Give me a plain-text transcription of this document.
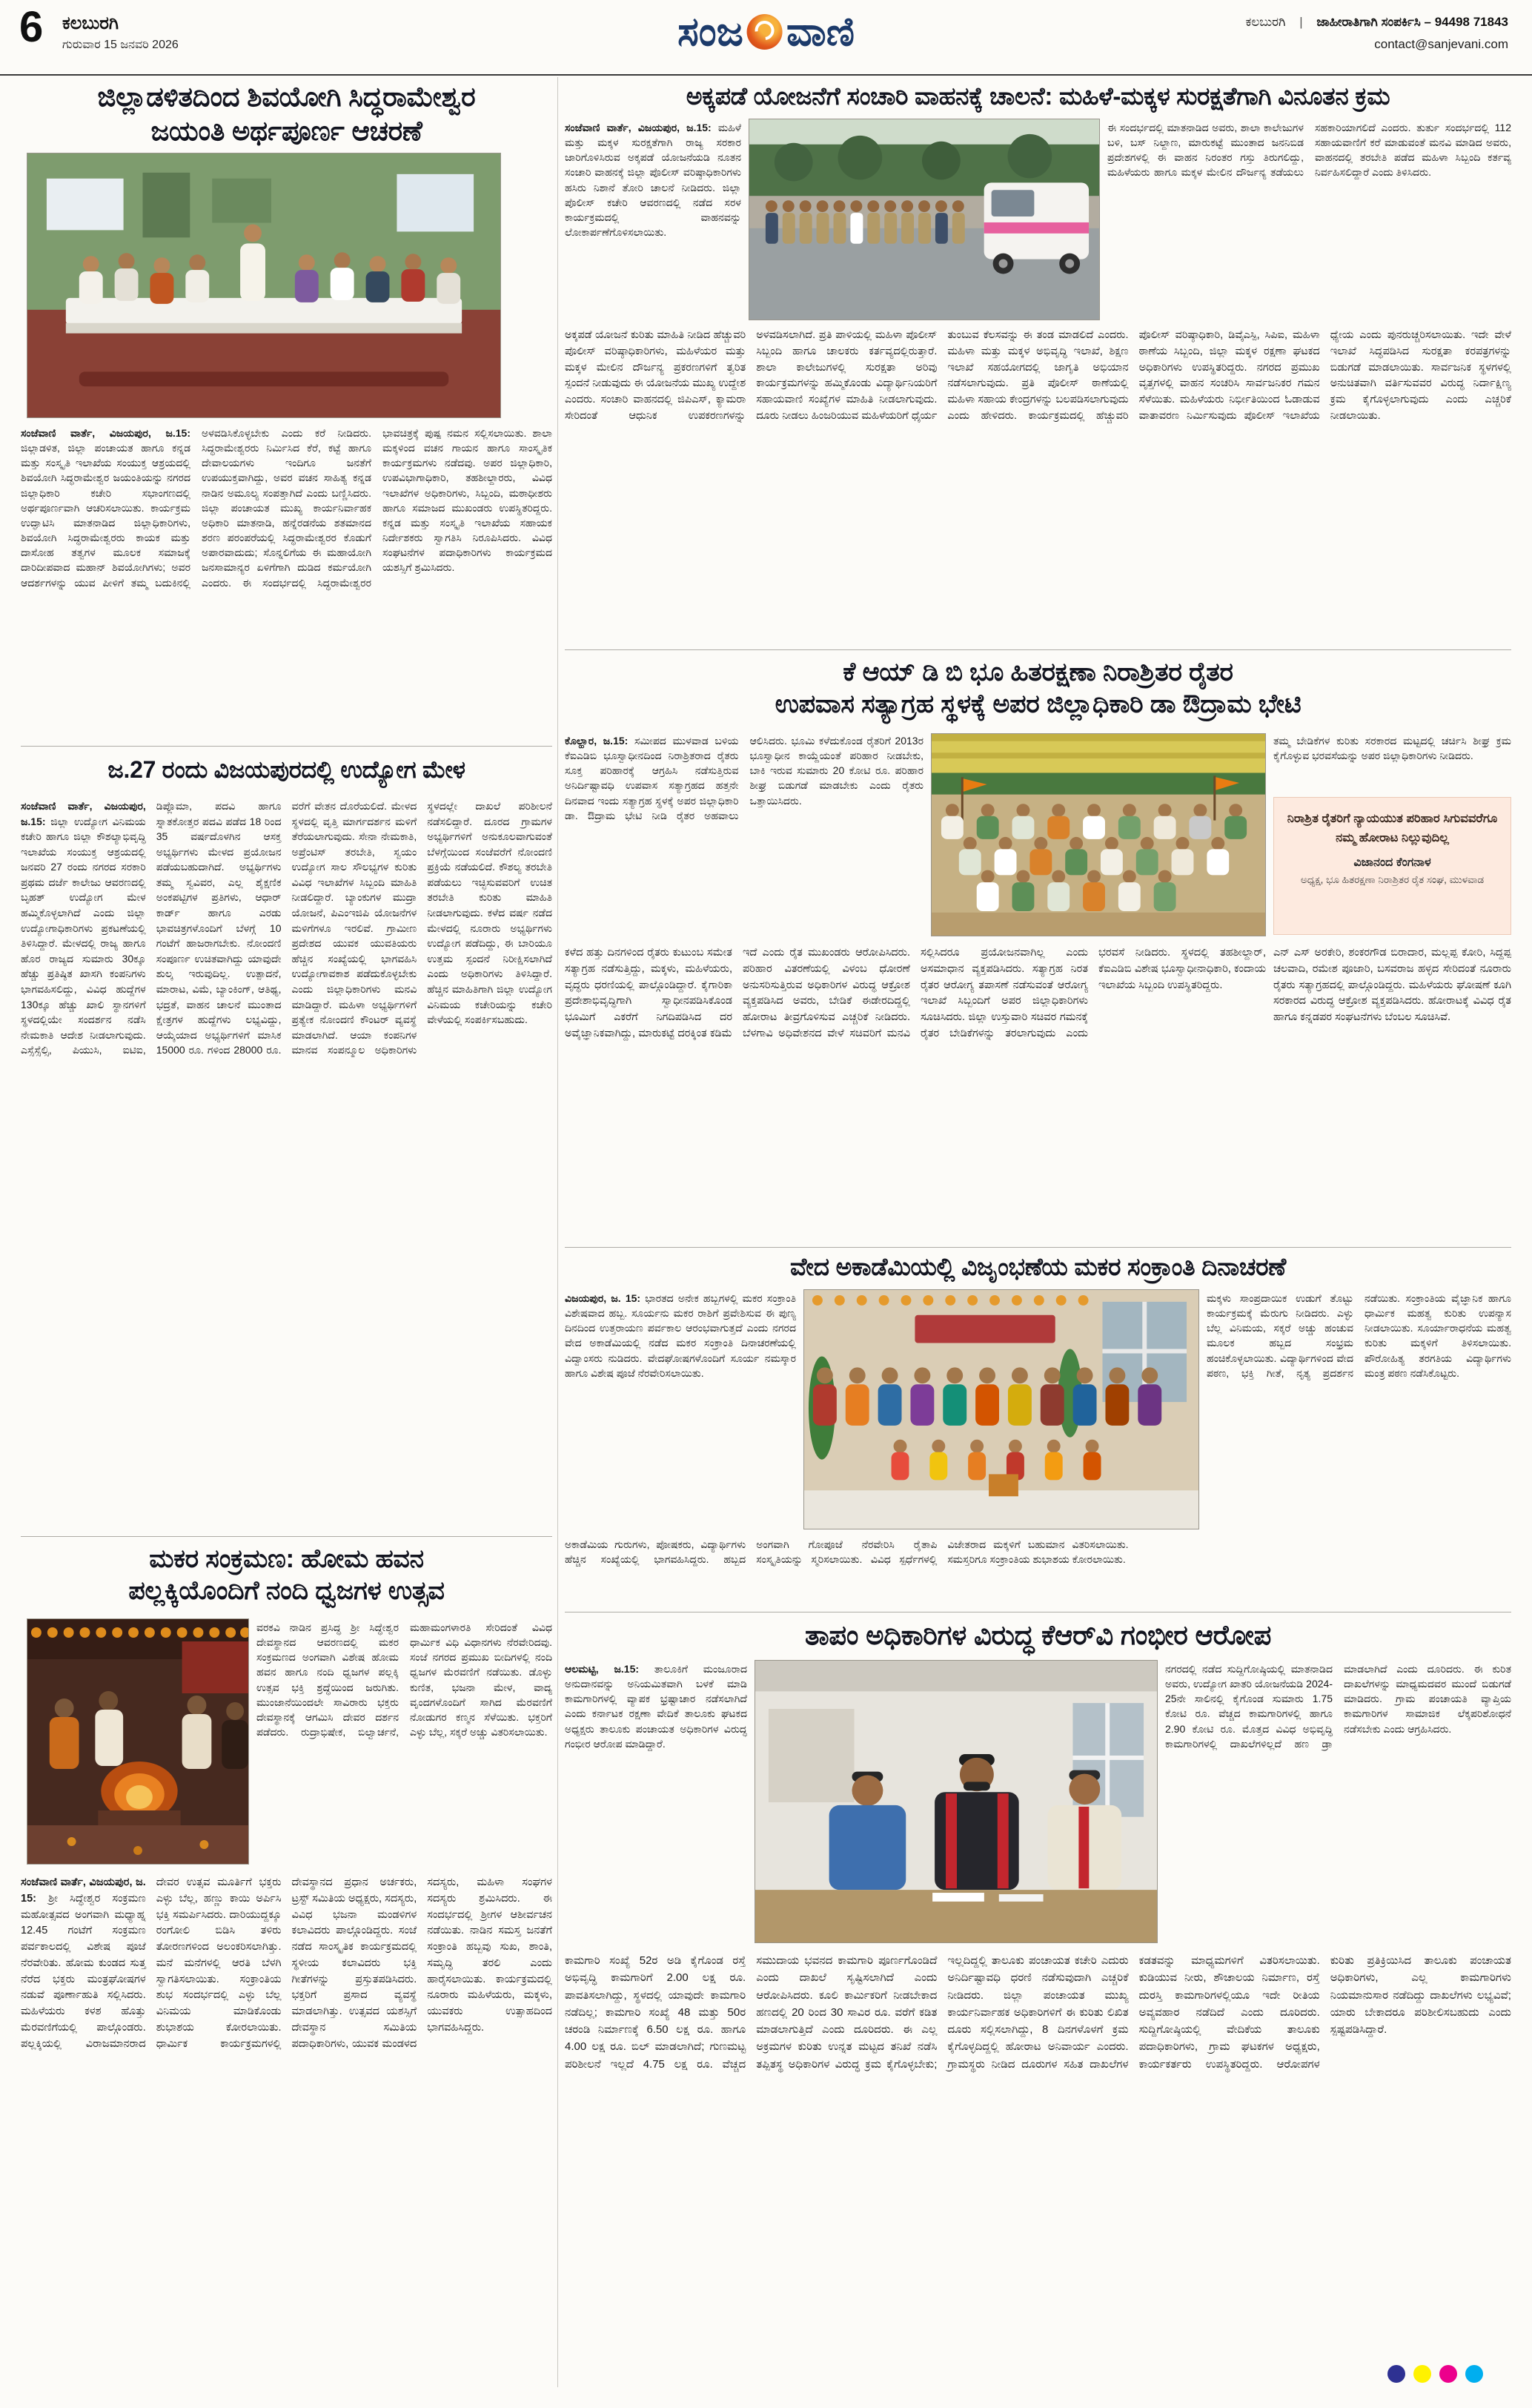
6 ಕಲಬುರಗಿ
ಗುರುವಾರ 15 ಜನವರಿ 2026	ಸಂಜ ವಾಣಿ	ಕಲಬುರಗಿ | ಜಾಹೀರಾತಿಗಾಗಿ ಸಂಪರ್ಕಿಸಿ – 94498 71843
contact@sanjevani.com
ಜಿಲ್ಲಾಡಳಿತದಿಂದ ಶಿವಯೋಗಿ ಸಿದ್ಧರಾಮೇಶ್ವರ
ಜಯಂತಿ ಅರ್ಥಪೂರ್ಣ ಆಚರಣೆ
ಸಂಜೆವಾಣಿ ವಾರ್ತೆ, ವಿಜಯಪುರ, ಜ.15: ಜಿಲ್ಲಾಡಳಿತ, ಜಿಲ್ಲಾ ಪಂಚಾಯತ ಹಾಗೂ ಕನ್ನಡ ಮತ್ತು ಸಂಸ್ಕೃತಿ ಇಲಾಖೆಯ ಸಂಯುಕ್ತ ಆಶ್ರಯದಲ್ಲಿ ಶಿವಯೋಗಿ ಸಿದ್ಧರಾಮೇಶ್ವರ ಜಯಂತಿಯನ್ನು ನಗರದ ಜಿಲ್ಲಾಧಿಕಾರಿ ಕಚೇರಿ ಸಭಾಂಗಣದಲ್ಲಿ ಅರ್ಥಪೂರ್ಣವಾಗಿ ಆಚರಿಸಲಾಯಿತು. ಕಾರ್ಯಕ್ರಮ ಉದ್ಘಾಟಿಸಿ ಮಾತನಾಡಿದ ಜಿಲ್ಲಾಧಿಕಾರಿಗಳು, ಶಿವಯೋಗಿ ಸಿದ್ಧರಾಮೇಶ್ವರರು ಕಾಯಕ ಮತ್ತು ದಾಸೋಹ ತತ್ವಗಳ ಮೂಲಕ ಸಮಾಜಕ್ಕೆ ದಾರಿದೀಪವಾದ ಮಹಾನ್ ಶಿವಯೋಗಿಗಳು; ಅವರ ಆದರ್ಶಗಳನ್ನು ಯುವ ಪೀಳಿಗೆ ತಮ್ಮ ಬದುಕಿನಲ್ಲಿ ಅಳವಡಿಸಿಕೊಳ್ಳಬೇಕು ಎಂದು ಕರೆ ನೀಡಿದರು. ಸಿದ್ಧರಾಮೇಶ್ವರರು ನಿರ್ಮಿಸಿದ ಕೆರೆ, ಕಟ್ಟೆ ಹಾಗೂ ದೇವಾಲಯಗಳು ಇಂದಿಗೂ ಜನತೆಗೆ ಉಪಯುಕ್ತವಾಗಿದ್ದು, ಅವರ ವಚನ ಸಾಹಿತ್ಯ ಕನ್ನಡ ನಾಡಿನ ಅಮೂಲ್ಯ ಸಂಪತ್ತಾಗಿದೆ ಎಂದು ಬಣ್ಣಿಸಿದರು. ಜಿಲ್ಲಾ ಪಂಚಾಯತ ಮುಖ್ಯ ಕಾರ್ಯನಿರ್ವಾಹಕ ಅಧಿಕಾರಿ ಮಾತನಾಡಿ, ಹನ್ನೆರಡನೆಯ ಶತಮಾನದ ಶರಣ ಪರಂಪರೆಯಲ್ಲಿ ಸಿದ್ಧರಾಮೇಶ್ವರರ ಕೊಡುಗೆ ಅಪಾರವಾದುದು; ಸೊನ್ನಲಿಗೆಯ ಈ ಮಹಾಯೋಗಿ ಜನಸಾಮಾನ್ಯರ ಏಳಿಗೆಗಾಗಿ ದುಡಿದ ಕರ್ಮಯೋಗಿ ಎಂದರು. ಈ ಸಂದರ್ಭದಲ್ಲಿ ಸಿದ್ಧರಾಮೇಶ್ವರರ ಭಾವಚಿತ್ರಕ್ಕೆ ಪುಷ್ಪ ನಮನ ಸಲ್ಲಿಸಲಾಯಿತು. ಶಾಲಾ ಮಕ್ಕಳಿಂದ ವಚನ ಗಾಯನ ಹಾಗೂ ಸಾಂಸ್ಕೃತಿಕ ಕಾರ್ಯಕ್ರಮಗಳು ನಡೆದವು. ಅಪರ ಜಿಲ್ಲಾಧಿಕಾರಿ, ಉಪವಿಭಾಗಾಧಿಕಾರಿ, ತಹಶೀಲ್ದಾರರು, ವಿವಿಧ ಇಲಾಖೆಗಳ ಅಧಿಕಾರಿಗಳು, ಸಿಬ್ಬಂದಿ, ಮಠಾಧೀಶರು ಹಾಗೂ ಸಮಾಜದ ಮುಖಂಡರು ಉಪಸ್ಥಿತರಿದ್ದರು. ಕನ್ನಡ ಮತ್ತು ಸಂಸ್ಕೃತಿ ಇಲಾಖೆಯ ಸಹಾಯಕ ನಿರ್ದೇಶಕರು ಸ್ವಾಗತಿಸಿ ನಿರೂಪಿಸಿದರು. ವಿವಿಧ ಸಂಘಟನೆಗಳ ಪದಾಧಿಕಾರಿಗಳು ಕಾರ್ಯಕ್ರಮದ ಯಶಸ್ಸಿಗೆ ಶ್ರಮಿಸಿದರು.
ಜ.27 ರಂದು ವಿಜಯಪುರದಲ್ಲಿ ಉದ್ಯೋಗ ಮೇಳ
ಸಂಜೆವಾಣಿ ವಾರ್ತೆ, ವಿಜಯಪುರ, ಜ.15: ಜಿಲ್ಲಾ ಉದ್ಯೋಗ ವಿನಿಮಯ ಕಚೇರಿ ಹಾಗೂ ಜಿಲ್ಲಾ ಕೌಶಲ್ಯಾಭಿವೃದ್ಧಿ ಇಲಾಖೆಯ ಸಂಯುಕ್ತ ಆಶ್ರಯದಲ್ಲಿ ಜನವರಿ 27 ರಂದು ನಗರದ ಸರಕಾರಿ ಪ್ರಥಮ ದರ್ಜೆ ಕಾಲೇಜು ಆವರಣದಲ್ಲಿ ಬೃಹತ್ ಉದ್ಯೋಗ ಮೇಳ ಹಮ್ಮಿಕೊಳ್ಳಲಾಗಿದೆ ಎಂದು ಜಿಲ್ಲಾ ಉದ್ಯೋಗಾಧಿಕಾರಿಗಳು ಪ್ರಕಟಣೆಯಲ್ಲಿ ತಿಳಿಸಿದ್ದಾರೆ. ಮೇಳದಲ್ಲಿ ರಾಜ್ಯ ಹಾಗೂ ಹೊರ ರಾಜ್ಯದ ಸುಮಾರು 30ಕ್ಕೂ ಹೆಚ್ಚು ಪ್ರತಿಷ್ಠಿತ ಖಾಸಗಿ ಕಂಪನಿಗಳು ಭಾಗವಹಿಸಲಿದ್ದು, ವಿವಿಧ ಹುದ್ದೆಗಳ 130ಕ್ಕೂ ಹೆಚ್ಚು ಖಾಲಿ ಸ್ಥಾನಗಳಿಗೆ ಸ್ಥಳದಲ್ಲಿಯೇ ಸಂದರ್ಶನ ನಡೆಸಿ ನೇಮಕಾತಿ ಆದೇಶ ನೀಡಲಾಗುವುದು. ಎಸ್ಸೆಸ್ಸೆಲ್ಸಿ, ಪಿಯುಸಿ, ಐಟಿಐ, ಡಿಪ್ಲೊಮಾ, ಪದವಿ ಹಾಗೂ ಸ್ನಾತಕೋತ್ತರ ಪದವಿ ಪಡೆದ 18 ರಿಂದ 35 ವರ್ಷದೊಳಗಿನ ಆಸಕ್ತ ಅಭ್ಯರ್ಥಿಗಳು ಮೇಳದ ಪ್ರಯೋಜನ ಪಡೆಯಬಹುದಾಗಿದೆ. ಅಭ್ಯರ್ಥಿಗಳು ತಮ್ಮ ಸ್ವವಿವರ, ಎಲ್ಲ ಶೈಕ್ಷಣಿಕ ಅಂಕಪಟ್ಟಿಗಳ ಪ್ರತಿಗಳು, ಆಧಾರ್ ಕಾರ್ಡ್ ಹಾಗೂ ಎರಡು ಭಾವಚಿತ್ರಗಳೊಂದಿಗೆ ಬೆಳಗ್ಗೆ 10 ಗಂಟೆಗೆ ಹಾಜರಾಗಬೇಕು. ನೋಂದಣಿ ಸಂಪೂರ್ಣ ಉಚಿತವಾಗಿದ್ದು ಯಾವುದೇ ಶುಲ್ಕ ಇರುವುದಿಲ್ಲ. ಉತ್ಪಾದನೆ, ಮಾರಾಟ, ವಿಮೆ, ಬ್ಯಾಂಕಿಂಗ್, ಆತಿಥ್ಯ, ಭದ್ರತೆ, ವಾಹನ ಚಾಲನೆ ಮುಂತಾದ ಕ್ಷೇತ್ರಗಳ ಹುದ್ದೆಗಳು ಲಭ್ಯವಿದ್ದು, ಆಯ್ಕೆಯಾದ ಅಭ್ಯರ್ಥಿಗಳಿಗೆ ಮಾಸಿಕ 15000 ರೂ. ಗಳಿಂದ 28000 ರೂ. ವರೆಗೆ ವೇತನ ದೊರೆಯಲಿದೆ. ಮೇಳದ ಸ್ಥಳದಲ್ಲಿ ವೃತ್ತಿ ಮಾರ್ಗದರ್ಶನ ಮಳಿಗೆ ತೆರೆಯಲಾಗುವುದು. ಸೇನಾ ನೇಮಕಾತಿ, ಅಪ್ರೆಂಟಿಸ್ ತರಬೇತಿ, ಸ್ವಯಂ ಉದ್ಯೋಗ ಸಾಲ ಸೌಲಭ್ಯಗಳ ಕುರಿತು ವಿವಿಧ ಇಲಾಖೆಗಳ ಸಿಬ್ಬಂದಿ ಮಾಹಿತಿ ನೀಡಲಿದ್ದಾರೆ. ಬ್ಯಾಂಕುಗಳ ಮುದ್ರಾ ಯೋಜನೆ, ಪಿಎಂಇಜಿಪಿ ಯೋಜನೆಗಳ ಮಳಿಗೆಗಳೂ ಇರಲಿವೆ. ಗ್ರಾಮೀಣ ಪ್ರದೇಶದ ಯುವಕ ಯುವತಿಯರು ಹೆಚ್ಚಿನ ಸಂಖ್ಯೆಯಲ್ಲಿ ಭಾಗವಹಿಸಿ ಉದ್ಯೋಗಾವಕಾಶ ಪಡೆದುಕೊಳ್ಳಬೇಕು ಎಂದು ಜಿಲ್ಲಾಧಿಕಾರಿಗಳು ಮನವಿ ಮಾಡಿದ್ದಾರೆ. ಮಹಿಳಾ ಅಭ್ಯರ್ಥಿಗಳಿಗೆ ಪ್ರತ್ಯೇಕ ನೋಂದಣಿ ಕೌಂಟರ್ ವ್ಯವಸ್ಥೆ ಮಾಡಲಾಗಿದೆ. ಆಯಾ ಕಂಪನಿಗಳ ಮಾನವ ಸಂಪನ್ಮೂಲ ಅಧಿಕಾರಿಗಳು ಸ್ಥಳದಲ್ಲೇ ದಾಖಲೆ ಪರಿಶೀಲನೆ ನಡೆಸಲಿದ್ದಾರೆ. ದೂರದ ಗ್ರಾಮಗಳ ಅಭ್ಯರ್ಥಿಗಳಿಗೆ ಅನುಕೂಲವಾಗುವಂತೆ ಬೆಳಗ್ಗೆಯಿಂದ ಸಂಜೆವರೆಗೆ ನೋಂದಣಿ ಪ್ರಕ್ರಿಯೆ ನಡೆಯಲಿದೆ. ಕೌಶಲ್ಯ ತರಬೇತಿ ಪಡೆಯಲು ಇಚ್ಛಿಸುವವರಿಗೆ ಉಚಿತ ತರಬೇತಿ ಕುರಿತು ಮಾಹಿತಿ ನೀಡಲಾಗುವುದು. ಕಳೆದ ವರ್ಷ ನಡೆದ ಮೇಳದಲ್ಲಿ ನೂರಾರು ಅಭ್ಯರ್ಥಿಗಳು ಉದ್ಯೋಗ ಪಡೆದಿದ್ದು, ಈ ಬಾರಿಯೂ ಉತ್ತಮ ಸ್ಪಂದನೆ ನಿರೀಕ್ಷಿಸಲಾಗಿದೆ ಎಂದು ಅಧಿಕಾರಿಗಳು ತಿಳಿಸಿದ್ದಾರೆ. ಹೆಚ್ಚಿನ ಮಾಹಿತಿಗಾಗಿ ಜಿಲ್ಲಾ ಉದ್ಯೋಗ ವಿನಿಮಯ ಕಚೇರಿಯನ್ನು ಕಚೇರಿ ವೇಳೆಯಲ್ಲಿ ಸಂಪರ್ಕಿಸಬಹುದು.
ಮಕರ ಸಂಕ್ರಮಣ: ಹೋಮ ಹವನ
ಪಲ್ಲಕ್ಕಿಯೊಂದಿಗೆ ನಂದಿ ಧ್ವಜಗಳ ಉತ್ಸವ
ವರಕವಿ ನಾಡಿನ ಪ್ರಸಿದ್ಧ ಶ್ರೀ ಸಿದ್ಧೇಶ್ವರ ದೇವಸ್ಥಾನದ ಆವರಣದಲ್ಲಿ ಮಕರ ಸಂಕ್ರಮಣದ ಅಂಗವಾಗಿ ವಿಶೇಷ ಹೋಮ ಹವನ ಹಾಗೂ ನಂದಿ ಧ್ವಜಗಳ ಪಲ್ಲಕ್ಕಿ ಉತ್ಸವ ಭಕ್ತಿ ಶ್ರದ್ಧೆಯಿಂದ ಜರುಗಿತು. ಮುಂಜಾನೆಯಿಂದಲೇ ಸಾವಿರಾರು ಭಕ್ತರು ದೇವಸ್ಥಾನಕ್ಕೆ ಆಗಮಿಸಿ ದೇವರ ದರ್ಶನ ಪಡೆದರು. ರುದ್ರಾಭಿಷೇಕ, ಬಿಲ್ವಾರ್ಚನೆ, ಮಹಾಮಂಗಳಾರತಿ ಸೇರಿದಂತೆ ವಿವಿಧ ಧಾರ್ಮಿಕ ವಿಧಿ ವಿಧಾನಗಳು ನೆರವೇರಿದವು. ಸಂಜೆ ನಗರದ ಪ್ರಮುಖ ಬೀದಿಗಳಲ್ಲಿ ನಂದಿ ಧ್ವಜಗಳ ಮೆರವಣಿಗೆ ನಡೆಯಿತು. ಡೊಳ್ಳು ಕುಣಿತ, ಭಜನಾ ಮೇಳ, ವಾದ್ಯ ವೃಂದಗಳೊಂದಿಗೆ ಸಾಗಿದ ಮೆರವಣಿಗೆ ನೋಡುಗರ ಕಣ್ಮನ ಸೆಳೆಯಿತು. ಭಕ್ತರಿಗೆ ಎಳ್ಳು ಬೆಲ್ಲ, ಸಕ್ಕರೆ ಅಚ್ಚು ವಿತರಿಸಲಾಯಿತು.
ಸಂಜೆವಾಣಿ ವಾರ್ತೆ, ವಿಜಯಪುರ, ಜ. 15: ಶ್ರೀ ಸಿದ್ಧೇಶ್ವರ ಸಂಕ್ರಮಣ ಮಹೋತ್ಸವದ ಅಂಗವಾಗಿ ಮಧ್ಯಾಹ್ನ 12.45 ಗಂಟೆಗೆ ಸಂಕ್ರಮಣ ಪರ್ವಕಾಲದಲ್ಲಿ ವಿಶೇಷ ಪೂಜೆ ನೆರವೇರಿತು. ಹೋಮ ಕುಂಡದ ಸುತ್ತ ನೆರೆದ ಭಕ್ತರು ಮಂತ್ರಘೋಷಗಳ ನಡುವೆ ಪೂರ್ಣಾಹುತಿ ಸಲ್ಲಿಸಿದರು. ಮಹಿಳೆಯರು ಕಳಶ ಹೊತ್ತು ಮೆರವಣಿಗೆಯಲ್ಲಿ ಪಾಲ್ಗೊಂಡರು. ಪಲ್ಲಕ್ಕಿಯಲ್ಲಿ ವಿರಾಜಮಾನರಾದ ದೇವರ ಉತ್ಸವ ಮೂರ್ತಿಗೆ ಭಕ್ತರು ಎಳ್ಳು ಬೆಲ್ಲ, ಹಣ್ಣು ಕಾಯಿ ಅರ್ಪಿಸಿ ಭಕ್ತಿ ಸಮರ್ಪಿಸಿದರು. ದಾರಿಯುದ್ದಕ್ಕೂ ರಂಗೋಲಿ ಬಿಡಿಸಿ ತಳಿರು ತೋರಣಗಳಿಂದ ಅಲಂಕರಿಸಲಾಗಿತ್ತು. ಮನೆ ಮನೆಗಳಲ್ಲಿ ಆರತಿ ಬೆಳಗಿ ಸ್ವಾಗತಿಸಲಾಯಿತು. ಸಂಕ್ರಾಂತಿಯ ಶುಭ ಸಂದರ್ಭದಲ್ಲಿ ಎಳ್ಳು ಬೆಲ್ಲ ವಿನಿಮಯ ಮಾಡಿಕೊಂಡು ಶುಭಾಶಯ ಕೋರಲಾಯಿತು. ಧಾರ್ಮಿಕ ಕಾರ್ಯಕ್ರಮಗಳಲ್ಲಿ ದೇವಸ್ಥಾನದ ಪ್ರಧಾನ ಅರ್ಚಕರು, ಟ್ರಸ್ಟ್ ಸಮಿತಿಯ ಅಧ್ಯಕ್ಷರು, ಸದಸ್ಯರು, ವಿವಿಧ ಭಜನಾ ಮಂಡಳಿಗಳ ಕಲಾವಿದರು ಪಾಲ್ಗೊಂಡಿದ್ದರು. ಸಂಜೆ ನಡೆದ ಸಾಂಸ್ಕೃತಿಕ ಕಾರ್ಯಕ್ರಮದಲ್ಲಿ ಸ್ಥಳೀಯ ಕಲಾವಿದರು ಭಕ್ತಿ ಗೀತೆಗಳನ್ನು ಪ್ರಸ್ತುತಪಡಿಸಿದರು. ಭಕ್ತರಿಗೆ ಪ್ರಸಾದ ವ್ಯವಸ್ಥೆ ಮಾಡಲಾಗಿತ್ತು. ಉತ್ಸವದ ಯಶಸ್ಸಿಗೆ ದೇವಸ್ಥಾನ ಸಮಿತಿಯ ಪದಾಧಿಕಾರಿಗಳು, ಯುವಕ ಮಂಡಳದ ಸದಸ್ಯರು, ಮಹಿಳಾ ಸಂಘಗಳ ಸದಸ್ಯರು ಶ್ರಮಿಸಿದರು. ಈ ಸಂದರ್ಭದಲ್ಲಿ ಶ್ರೀಗಳ ಆಶೀರ್ವಚನ ನಡೆಯಿತು. ನಾಡಿನ ಸಮಸ್ತ ಜನತೆಗೆ ಸಂಕ್ರಾಂತಿ ಹಬ್ಬವು ಸುಖ, ಶಾಂತಿ, ಸಮೃದ್ಧಿ ತರಲಿ ಎಂದು ಹಾರೈಸಲಾಯಿತು. ಕಾರ್ಯಕ್ರಮದಲ್ಲಿ ನೂರಾರು ಮಹಿಳೆಯರು, ಮಕ್ಕಳು, ಯುವಕರು ಉತ್ಸಾಹದಿಂದ ಭಾಗವಹಿಸಿದ್ದರು.
ಅಕ್ಕಪಡೆ ಯೋಜನೆಗೆ ಸಂಚಾರಿ ವಾಹನಕ್ಕೆ ಚಾಲನೆ: ಮಹಿಳೆ-ಮಕ್ಕಳ ಸುರಕ್ಷತೆಗಾಗಿ ವಿನೂತನ ಕ್ರಮ
ಸಂಜೆವಾಣಿ ವಾರ್ತೆ, ವಿಜಯಪುರ, ಜ.15: ಮಹಿಳೆ ಮತ್ತು ಮಕ್ಕಳ ಸುರಕ್ಷತೆಗಾಗಿ ರಾಜ್ಯ ಸರಕಾರ ಜಾರಿಗೊಳಿಸಿರುವ ಅಕ್ಕಪಡೆ ಯೋಜನೆಯಡಿ ನೂತನ ಸಂಚಾರಿ ವಾಹನಕ್ಕೆ ಜಿಲ್ಲಾ ಪೊಲೀಸ್ ವರಿಷ್ಠಾಧಿಕಾರಿಗಳು ಹಸಿರು ನಿಶಾನೆ ತೋರಿ ಚಾಲನೆ ನೀಡಿದರು. ಜಿಲ್ಲಾ ಪೊಲೀಸ್ ಕಚೇರಿ ಆವರಣದಲ್ಲಿ ನಡೆದ ಸರಳ ಕಾರ್ಯಕ್ರಮದಲ್ಲಿ ವಾಹನವನ್ನು ಲೋಕಾರ್ಪಣೆಗೊಳಿಸಲಾಯಿತು.
ಈ ಸಂದರ್ಭದಲ್ಲಿ ಮಾತನಾಡಿದ ಅವರು, ಶಾಲಾ ಕಾಲೇಜುಗಳ ಬಳಿ, ಬಸ್ ನಿಲ್ದಾಣ, ಮಾರುಕಟ್ಟೆ ಮುಂತಾದ ಜನನಿಬಿಡ ಪ್ರದೇಶಗಳಲ್ಲಿ ಈ ವಾಹನ ನಿರಂತರ ಗಸ್ತು ತಿರುಗಲಿದ್ದು, ಮಹಿಳೆಯರು ಹಾಗೂ ಮಕ್ಕಳ ಮೇಲಿನ ದೌರ್ಜನ್ಯ ತಡೆಯಲು ಸಹಕಾರಿಯಾಗಲಿದೆ ಎಂದರು. ತುರ್ತು ಸಂದರ್ಭದಲ್ಲಿ 112 ಸಹಾಯವಾಣಿಗೆ ಕರೆ ಮಾಡುವಂತೆ ಮನವಿ ಮಾಡಿದ ಅವರು, ವಾಹನದಲ್ಲಿ ತರಬೇತಿ ಪಡೆದ ಮಹಿಳಾ ಸಿಬ್ಬಂದಿ ಕರ್ತವ್ಯ ನಿರ್ವಹಿಸಲಿದ್ದಾರೆ ಎಂದು ತಿಳಿಸಿದರು.
ಅಕ್ಕಪಡೆ ಯೋಜನೆ ಕುರಿತು ಮಾಹಿತಿ ನೀಡಿದ ಹೆಚ್ಚುವರಿ ಪೊಲೀಸ್ ವರಿಷ್ಠಾಧಿಕಾರಿಗಳು, ಮಹಿಳೆಯರ ಮತ್ತು ಮಕ್ಕಳ ಮೇಲಿನ ದೌರ್ಜನ್ಯ ಪ್ರಕರಣಗಳಿಗೆ ತ್ವರಿತ ಸ್ಪಂದನೆ ನೀಡುವುದು ಈ ಯೋಜನೆಯ ಮುಖ್ಯ ಉದ್ದೇಶ ಎಂದರು. ಸಂಚಾರಿ ವಾಹನದಲ್ಲಿ ಜಿಪಿಎಸ್, ಕ್ಯಾಮರಾ ಸೇರಿದಂತೆ ಆಧುನಿಕ ಉಪಕರಣಗಳನ್ನು ಅಳವಡಿಸಲಾಗಿದೆ. ಪ್ರತಿ ಪಾಳಿಯಲ್ಲಿ ಮಹಿಳಾ ಪೊಲೀಸ್ ಸಿಬ್ಬಂದಿ ಹಾಗೂ ಚಾಲಕರು ಕರ್ತವ್ಯದಲ್ಲಿರುತ್ತಾರೆ. ಶಾಲಾ ಕಾಲೇಜುಗಳಲ್ಲಿ ಸುರಕ್ಷತಾ ಅರಿವು ಕಾರ್ಯಕ್ರಮಗಳನ್ನು ಹಮ್ಮಿಕೊಂಡು ವಿದ್ಯಾರ್ಥಿನಿಯರಿಗೆ ಸಹಾಯವಾಣಿ ಸಂಖ್ಯೆಗಳ ಮಾಹಿತಿ ನೀಡಲಾಗುವುದು. ದೂರು ನೀಡಲು ಹಿಂಜರಿಯುವ ಮಹಿಳೆಯರಿಗೆ ಧೈರ್ಯ ತುಂಬುವ ಕೆಲಸವನ್ನು ಈ ತಂಡ ಮಾಡಲಿದೆ ಎಂದರು. ಮಹಿಳಾ ಮತ್ತು ಮಕ್ಕಳ ಅಭಿವೃದ್ಧಿ ಇಲಾಖೆ, ಶಿಕ್ಷಣ ಇಲಾಖೆ ಸಹಯೋಗದಲ್ಲಿ ಜಾಗೃತಿ ಅಭಿಯಾನ ನಡೆಸಲಾಗುವುದು. ಪ್ರತಿ ಪೊಲೀಸ್ ಠಾಣೆಯಲ್ಲಿ ಮಹಿಳಾ ಸಹಾಯ ಕೇಂದ್ರಗಳನ್ನು ಬಲಪಡಿಸಲಾಗುವುದು ಎಂದು ಹೇಳಿದರು. ಕಾರ್ಯಕ್ರಮದಲ್ಲಿ ಹೆಚ್ಚುವರಿ ಪೊಲೀಸ್ ವರಿಷ್ಠಾಧಿಕಾರಿ, ಡಿವೈಎಸ್ಪಿ, ಸಿಪಿಐ, ಮಹಿಳಾ ಠಾಣೆಯ ಸಿಬ್ಬಂದಿ, ಜಿಲ್ಲಾ ಮಕ್ಕಳ ರಕ್ಷಣಾ ಘಟಕದ ಅಧಿಕಾರಿಗಳು ಉಪಸ್ಥಿತರಿದ್ದರು. ನಗರದ ಪ್ರಮುಖ ವೃತ್ತಗಳಲ್ಲಿ ವಾಹನ ಸಂಚರಿಸಿ ಸಾರ್ವಜನಿಕರ ಗಮನ ಸೆಳೆಯಿತು. ಮಹಿಳೆಯರು ನಿರ್ಭೀತಿಯಿಂದ ಓಡಾಡುವ ವಾತಾವರಣ ನಿರ್ಮಿಸುವುದು ಪೊಲೀಸ್ ಇಲಾಖೆಯ ಧ್ಯೇಯ ಎಂದು ಪುನರುಚ್ಚರಿಸಲಾಯಿತು. ಇದೇ ವೇಳೆ ಇಲಾಖೆ ಸಿದ್ಧಪಡಿಸಿದ ಸುರಕ್ಷತಾ ಕರಪತ್ರಗಳನ್ನು ಬಿಡುಗಡೆ ಮಾಡಲಾಯಿತು. ಸಾರ್ವಜನಿಕ ಸ್ಥಳಗಳಲ್ಲಿ ಅನುಚಿತವಾಗಿ ವರ್ತಿಸುವವರ ವಿರುದ್ಧ ನಿರ್ದಾಕ್ಷಿಣ್ಯ ಕ್ರಮ ಕೈಗೊಳ್ಳಲಾಗುವುದು ಎಂದು ಎಚ್ಚರಿಕೆ ನೀಡಲಾಯಿತು.
ಕೆ ಆಯ್ ಡಿ ಬಿ ಭೂ ಹಿತರಕ್ಷಣಾ ನಿರಾಶ್ರಿತರ ರೈತರ
ಉಪವಾಸ ಸತ್ಯಾಗ್ರಹ ಸ್ಥಳಕ್ಕೆ ಅಪರ ಜಿಲ್ಲಾಧಿಕಾರಿ ಡಾ ಔದ್ರಾಮ ಭೇಟಿ
ಕೊಲ್ಹಾರ, ಜ.15: ಸಮೀಪದ ಮುಳವಾಡ ಬಳಿಯ ಕೆಐಎಡಿಬಿ ಭೂಸ್ವಾಧೀನದಿಂದ ನಿರಾಶ್ರಿತರಾದ ರೈತರು ಸೂಕ್ತ ಪರಿಹಾರಕ್ಕೆ ಆಗ್ರಹಿಸಿ ನಡೆಸುತ್ತಿರುವ ಅನಿರ್ದಿಷ್ಟಾವಧಿ ಉಪವಾಸ ಸತ್ಯಾಗ್ರಹದ ಹತ್ತನೇ ದಿನವಾದ ಇಂದು ಸತ್ಯಾಗ್ರಹ ಸ್ಥಳಕ್ಕೆ ಅಪರ ಜಿಲ್ಲಾಧಿಕಾರಿ ಡಾ. ಔದ್ರಾಮ ಭೇಟಿ ನೀಡಿ ರೈತರ ಅಹವಾಲು ಆಲಿಸಿದರು. ಭೂಮಿ ಕಳೆದುಕೊಂಡ ರೈತರಿಗೆ 2013ರ ಭೂಸ್ವಾಧೀನ ಕಾಯ್ದೆಯಂತೆ ಪರಿಹಾರ ನೀಡಬೇಕು, ಬಾಕಿ ಇರುವ ಸುಮಾರು 20 ಕೋಟಿ ರೂ. ಪರಿಹಾರ ಶೀಘ್ರ ಬಿಡುಗಡೆ ಮಾಡಬೇಕು ಎಂದು ರೈತರು ಒತ್ತಾಯಿಸಿದರು.
ತಮ್ಮ ಬೇಡಿಕೆಗಳ ಕುರಿತು ಸರಕಾರದ ಮಟ್ಟದಲ್ಲಿ ಚರ್ಚಿಸಿ ಶೀಘ್ರ ಕ್ರಮ ಕೈಗೊಳ್ಳುವ ಭರವಸೆಯನ್ನು ಅಪರ ಜಿಲ್ಲಾಧಿಕಾರಿಗಳು ನೀಡಿದರು.
ನಿರಾಶ್ರಿತ ರೈತರಿಗೆ ನ್ಯಾಯಯುತ ಪರಿಹಾರ ಸಿಗುವವರೆಗೂ ನಮ್ಮ ಹೋರಾಟ ನಿಲ್ಲುವುದಿಲ್ಲ
ವಿಜಾನಂದ ಕೆಂಗನಾಳ
ಅಧ್ಯಕ್ಷ, ಭೂ ಹಿತರಕ್ಷಣಾ ನಿರಾಶ್ರಿತರ ರೈತ ಸಂಘ, ಮುಳವಾಡ
ಕಳೆದ ಹತ್ತು ದಿನಗಳಿಂದ ರೈತರು ಕುಟುಂಬ ಸಮೇತ ಸತ್ಯಾಗ್ರಹ ನಡೆಸುತ್ತಿದ್ದು, ಮಕ್ಕಳು, ಮಹಿಳೆಯರು, ವೃದ್ಧರು ಧರಣಿಯಲ್ಲಿ ಪಾಲ್ಗೊಂಡಿದ್ದಾರೆ. ಕೈಗಾರಿಕಾ ಪ್ರದೇಶಾಭಿವೃದ್ಧಿಗಾಗಿ ಸ್ವಾಧೀನಪಡಿಸಿಕೊಂಡ ಭೂಮಿಗೆ ಎಕರೆಗೆ ನಿಗದಿಪಡಿಸಿದ ದರ ಅವೈಜ್ಞಾನಿಕವಾಗಿದ್ದು, ಮಾರುಕಟ್ಟೆ ದರಕ್ಕಿಂತ ಕಡಿಮೆ ಇದೆ ಎಂದು ರೈತ ಮುಖಂಡರು ಆರೋಪಿಸಿದರು. ಪರಿಹಾರ ವಿತರಣೆಯಲ್ಲಿ ವಿಳಂಬ ಧೋರಣೆ ಅನುಸರಿಸುತ್ತಿರುವ ಅಧಿಕಾರಿಗಳ ವಿರುದ್ಧ ಆಕ್ರೋಶ ವ್ಯಕ್ತಪಡಿಸಿದ ಅವರು, ಬೇಡಿಕೆ ಈಡೇರದಿದ್ದಲ್ಲಿ ಹೋರಾಟ ತೀವ್ರಗೊಳಿಸುವ ಎಚ್ಚರಿಕೆ ನೀಡಿದರು. ಬೆಳಗಾವಿ ಅಧಿವೇಶನದ ವೇಳೆ ಸಚಿವರಿಗೆ ಮನವಿ ಸಲ್ಲಿಸಿದರೂ ಪ್ರಯೋಜನವಾಗಿಲ್ಲ ಎಂದು ಅಸಮಾಧಾನ ವ್ಯಕ್ತಪಡಿಸಿದರು. ಸತ್ಯಾಗ್ರಹ ನಿರತ ರೈತರ ಆರೋಗ್ಯ ತಪಾಸಣೆ ನಡೆಸುವಂತೆ ಆರೋಗ್ಯ ಇಲಾಖೆ ಸಿಬ್ಬಂದಿಗೆ ಅಪರ ಜಿಲ್ಲಾಧಿಕಾರಿಗಳು ಸೂಚಿಸಿದರು. ಜಿಲ್ಲಾ ಉಸ್ತುವಾರಿ ಸಚಿವರ ಗಮನಕ್ಕೆ ರೈತರ ಬೇಡಿಕೆಗಳನ್ನು ತರಲಾಗುವುದು ಎಂದು ಭರವಸೆ ನೀಡಿದರು. ಸ್ಥಳದಲ್ಲಿ ತಹಶೀಲ್ದಾರ್, ಕೆಐಎಡಿಬಿ ವಿಶೇಷ ಭೂಸ್ವಾಧೀನಾಧಿಕಾರಿ, ಕಂದಾಯ ಇಲಾಖೆಯ ಸಿಬ್ಬಂದಿ ಉಪಸ್ಥಿತರಿದ್ದರು.
ಎನ್ ಎಸ್ ಅರಕೇರಿ, ಶಂಕರಗೌಡ ಬಿರಾದಾರ, ಮಲ್ಲಪ್ಪ ಕೋರಿ, ಸಿದ್ದಪ್ಪ ಚಲವಾದಿ, ರಮೇಶ ಪೂಜಾರಿ, ಬಸವರಾಜ ಹಳ್ಳದ ಸೇರಿದಂತೆ ನೂರಾರು ರೈತರು ಸತ್ಯಾಗ್ರಹದಲ್ಲಿ ಪಾಲ್ಗೊಂಡಿದ್ದರು. ಮಹಿಳೆಯರು ಘೋಷಣೆ ಕೂಗಿ ಸರಕಾರದ ವಿರುದ್ಧ ಆಕ್ರೋಶ ವ್ಯಕ್ತಪಡಿಸಿದರು. ಹೋರಾಟಕ್ಕೆ ವಿವಿಧ ರೈತ ಹಾಗೂ ಕನ್ನಡಪರ ಸಂಘಟನೆಗಳು ಬೆಂಬಲ ಸೂಚಿಸಿವೆ.
ವೇದ ಅಕಾಡೆಮಿಯಲ್ಲಿ ವಿಜೃಂಭಣೆಯ ಮಕರ ಸಂಕ್ರಾಂತಿ ದಿನಾಚರಣೆ
ವಿಜಯಪುರ, ಜ. 15: ಭಾರತದ ಅನೇಕ ಹಬ್ಬಗಳಲ್ಲಿ ಮಕರ ಸಂಕ್ರಾಂತಿ ವಿಶೇಷವಾದ ಹಬ್ಬ. ಸೂರ್ಯನು ಮಕರ ರಾಶಿಗೆ ಪ್ರವೇಶಿಸುವ ಈ ಪುಣ್ಯ ದಿನದಿಂದ ಉತ್ತರಾಯಣ ಪರ್ವಕಾಲ ಆರಂಭವಾಗುತ್ತದೆ ಎಂದು ನಗರದ ವೇದ ಅಕಾಡೆಮಿಯಲ್ಲಿ ನಡೆದ ಮಕರ ಸಂಕ್ರಾಂತಿ ದಿನಾಚರಣೆಯಲ್ಲಿ ವಿದ್ವಾಂಸರು ನುಡಿದರು. ವೇದಘೋಷಗಳೊಂದಿಗೆ ಸೂರ್ಯ ನಮಸ್ಕಾರ ಹಾಗೂ ವಿಶೇಷ ಪೂಜೆ ನೆರವೇರಿಸಲಾಯಿತು.
ಮಕ್ಕಳು ಸಾಂಪ್ರದಾಯಿಕ ಉಡುಗೆ ತೊಟ್ಟು ಕಾರ್ಯಕ್ರಮಕ್ಕೆ ಮೆರುಗು ನೀಡಿದರು. ಎಳ್ಳು ಬೆಲ್ಲ ವಿನಿಮಯ, ಸಕ್ಕರೆ ಅಚ್ಚು ಹಂಚುವ ಮೂಲಕ ಹಬ್ಬದ ಸಂಭ್ರಮ ಹಂಚಿಕೊಳ್ಳಲಾಯಿತು. ವಿದ್ಯಾರ್ಥಿಗಳಿಂದ ವೇದ ಪಠಣ, ಭಕ್ತಿ ಗೀತೆ, ನೃತ್ಯ ಪ್ರದರ್ಶನ ನಡೆಯಿತು. ಸಂಕ್ರಾಂತಿಯ ವೈಜ್ಞಾನಿಕ ಹಾಗೂ ಧಾರ್ಮಿಕ ಮಹತ್ವ ಕುರಿತು ಉಪನ್ಯಾಸ ನೀಡಲಾಯಿತು. ಸೂರ್ಯಾರಾಧನೆಯ ಮಹತ್ವ ಕುರಿತು ಮಕ್ಕಳಿಗೆ ತಿಳಿಸಲಾಯಿತು. ಪೌರೋಹಿತ್ಯ ತರಗತಿಯ ವಿದ್ಯಾರ್ಥಿಗಳು ಮಂತ್ರ ಪಠಣ ನಡೆಸಿಕೊಟ್ಟರು.
ಅಕಾಡೆಮಿಯ ಗುರುಗಳು, ಪೋಷಕರು, ವಿದ್ಯಾರ್ಥಿಗಳು ಹೆಚ್ಚಿನ ಸಂಖ್ಯೆಯಲ್ಲಿ ಭಾಗವಹಿಸಿದ್ದರು. ಹಬ್ಬದ ಅಂಗವಾಗಿ ಗೋಪೂಜೆ ನೆರವೇರಿಸಿ ರೈತಾಪಿ ಸಂಸ್ಕೃತಿಯನ್ನು ಸ್ಮರಿಸಲಾಯಿತು. ವಿವಿಧ ಸ್ಪರ್ಧೆಗಳಲ್ಲಿ ವಿಜೇತರಾದ ಮಕ್ಕಳಿಗೆ ಬಹುಮಾನ ವಿತರಿಸಲಾಯಿತು. ಸಮಸ್ತರಿಗೂ ಸಂಕ್ರಾಂತಿಯ ಶುಭಾಶಯ ಕೋರಲಾಯಿತು.
ತಾಪಂ ಅಧಿಕಾರಿಗಳ ವಿರುದ್ಧ ಕೆಆರ್‌ವಿ ಗಂಭೀರ ಆರೋಪ
ಆಲಮಟ್ಟಿ, ಜ.15: ತಾಲೂಕಿಗೆ ಮಂಜೂರಾದ ಅನುದಾನವನ್ನು ಅನಿಯಮಿತವಾಗಿ ಬಳಕೆ ಮಾಡಿ ಕಾಮಗಾರಿಗಳಲ್ಲಿ ವ್ಯಾಪಕ ಭ್ರಷ್ಟಾಚಾರ ನಡೆಸಲಾಗಿದೆ ಎಂದು ಕರ್ನಾಟಕ ರಕ್ಷಣಾ ವೇದಿಕೆ ತಾಲೂಕು ಘಟಕದ ಅಧ್ಯಕ್ಷರು ತಾಲೂಕು ಪಂಚಾಯತ ಅಧಿಕಾರಿಗಳ ವಿರುದ್ಧ ಗಂಭೀರ ಆರೋಪ ಮಾಡಿದ್ದಾರೆ.
ನಗರದಲ್ಲಿ ನಡೆದ ಸುದ್ದಿಗೋಷ್ಠಿಯಲ್ಲಿ ಮಾತನಾಡಿದ ಅವರು, ಉದ್ಯೋಗ ಖಾತರಿ ಯೋಜನೆಯಡಿ 2024-25ನೇ ಸಾಲಿನಲ್ಲಿ ಕೈಗೊಂಡ ಸುಮಾರು 1.75 ಕೋಟಿ ರೂ. ವೆಚ್ಚದ ಕಾಮಗಾರಿಗಳಲ್ಲಿ ಹಾಗೂ 2.90 ಕೋಟಿ ರೂ. ಮೊತ್ತದ ವಿವಿಧ ಅಭಿವೃದ್ಧಿ ಕಾಮಗಾರಿಗಳಲ್ಲಿ ದಾಖಲೆಗಳಿಲ್ಲದೆ ಹಣ ಡ್ರಾ ಮಾಡಲಾಗಿದೆ ಎಂದು ದೂರಿದರು. ಈ ಕುರಿತ ದಾಖಲೆಗಳನ್ನು ಮಾಧ್ಯಮದವರ ಮುಂದೆ ಬಿಡುಗಡೆ ಮಾಡಿದರು. ಗ್ರಾಮ ಪಂಚಾಯತಿ ವ್ಯಾಪ್ತಿಯ ಕಾಮಗಾರಿಗಳ ಸಾಮಾಜಿಕ ಲೆಕ್ಕಪರಿಶೋಧನೆ ನಡೆಸಬೇಕು ಎಂದು ಆಗ್ರಹಿಸಿದರು.
ಕಾಮಗಾರಿ ಸಂಖ್ಯೆ 52ರ ಅಡಿ ಕೈಗೊಂಡ ರಸ್ತೆ ಅಭಿವೃದ್ಧಿ ಕಾಮಗಾರಿಗೆ 2.00 ಲಕ್ಷ ರೂ. ಪಾವತಿಸಲಾಗಿದ್ದು, ಸ್ಥಳದಲ್ಲಿ ಯಾವುದೇ ಕಾಮಗಾರಿ ನಡೆದಿಲ್ಲ; ಕಾಮಗಾರಿ ಸಂಖ್ಯೆ 48 ಮತ್ತು 50ರ ಚರಂಡಿ ನಿರ್ಮಾಣಕ್ಕೆ 6.50 ಲಕ್ಷ ರೂ. ಹಾಗೂ 4.00 ಲಕ್ಷ ರೂ. ಬಿಲ್ ಮಾಡಲಾಗಿದೆ; ಗುಣಮಟ್ಟ ಪರಿಶೀಲನೆ ಇಲ್ಲದೆ 4.75 ಲಕ್ಷ ರೂ. ವೆಚ್ಚದ ಸಮುದಾಯ ಭವನದ ಕಾಮಗಾರಿ ಪೂರ್ಣಗೊಂಡಿದೆ ಎಂದು ದಾಖಲೆ ಸೃಷ್ಟಿಸಲಾಗಿದೆ ಎಂದು ಆರೋಪಿಸಿದರು. ಕೂಲಿ ಕಾರ್ಮಿಕರಿಗೆ ನೀಡಬೇಕಾದ ಹಣದಲ್ಲಿ 20 ರಿಂದ 30 ಸಾವಿರ ರೂ. ವರೆಗೆ ಕಡಿತ ಮಾಡಲಾಗುತ್ತಿದೆ ಎಂದು ದೂರಿದರು. ಈ ಎಲ್ಲ ಅಕ್ರಮಗಳ ಕುರಿತು ಉನ್ನತ ಮಟ್ಟದ ತನಿಖೆ ನಡೆಸಿ ತಪ್ಪಿತಸ್ಥ ಅಧಿಕಾರಿಗಳ ವಿರುದ್ಧ ಕ್ರಮ ಕೈಗೊಳ್ಳಬೇಕು; ಇಲ್ಲದಿದ್ದಲ್ಲಿ ತಾಲೂಕು ಪಂಚಾಯತ ಕಚೇರಿ ಎದುರು ಅನಿರ್ದಿಷ್ಟಾವಧಿ ಧರಣಿ ನಡೆಸುವುದಾಗಿ ಎಚ್ಚರಿಕೆ ನೀಡಿದರು. ಜಿಲ್ಲಾ ಪಂಚಾಯತ ಮುಖ್ಯ ಕಾರ್ಯನಿರ್ವಾಹಕ ಅಧಿಕಾರಿಗಳಿಗೆ ಈ ಕುರಿತು ಲಿಖಿತ ದೂರು ಸಲ್ಲಿಸಲಾಗಿದ್ದು, 8 ದಿನಗಳೊಳಗೆ ಕ್ರಮ ಕೈಗೊಳ್ಳದಿದ್ದಲ್ಲಿ ಹೋರಾಟ ಅನಿವಾರ್ಯ ಎಂದರು. ಗ್ರಾಮಸ್ಥರು ನೀಡಿದ ದೂರುಗಳ ಸಹಿತ ದಾಖಲೆಗಳ ಕಡತವನ್ನು ಮಾಧ್ಯಮಗಳಿಗೆ ವಿತರಿಸಲಾಯಿತು. ಕುಡಿಯುವ ನೀರು, ಶೌಚಾಲಯ ನಿರ್ಮಾಣ, ರಸ್ತೆ ದುರಸ್ತಿ ಕಾಮಗಾರಿಗಳಲ್ಲಿಯೂ ಇದೇ ರೀತಿಯ ಅವ್ಯವಹಾರ ನಡೆದಿದೆ ಎಂದು ದೂರಿದರು. ಸುದ್ದಿಗೋಷ್ಠಿಯಲ್ಲಿ ವೇದಿಕೆಯ ತಾಲೂಕು ಪದಾಧಿಕಾರಿಗಳು, ಗ್ರಾಮ ಘಟಕಗಳ ಅಧ್ಯಕ್ಷರು, ಕಾರ್ಯಕರ್ತರು ಉಪಸ್ಥಿತರಿದ್ದರು. ಆರೋಪಗಳ ಕುರಿತು ಪ್ರತಿಕ್ರಿಯಿಸಿದ ತಾಲೂಕು ಪಂಚಾಯತ ಅಧಿಕಾರಿಗಳು, ಎಲ್ಲ ಕಾಮಗಾರಿಗಳು ನಿಯಮಾನುಸಾರ ನಡೆದಿದ್ದು ದಾಖಲೆಗಳು ಲಭ್ಯವಿವೆ; ಯಾರು ಬೇಕಾದರೂ ಪರಿಶೀಲಿಸಬಹುದು ಎಂದು ಸ್ಪಷ್ಟಪಡಿಸಿದ್ದಾರೆ.
